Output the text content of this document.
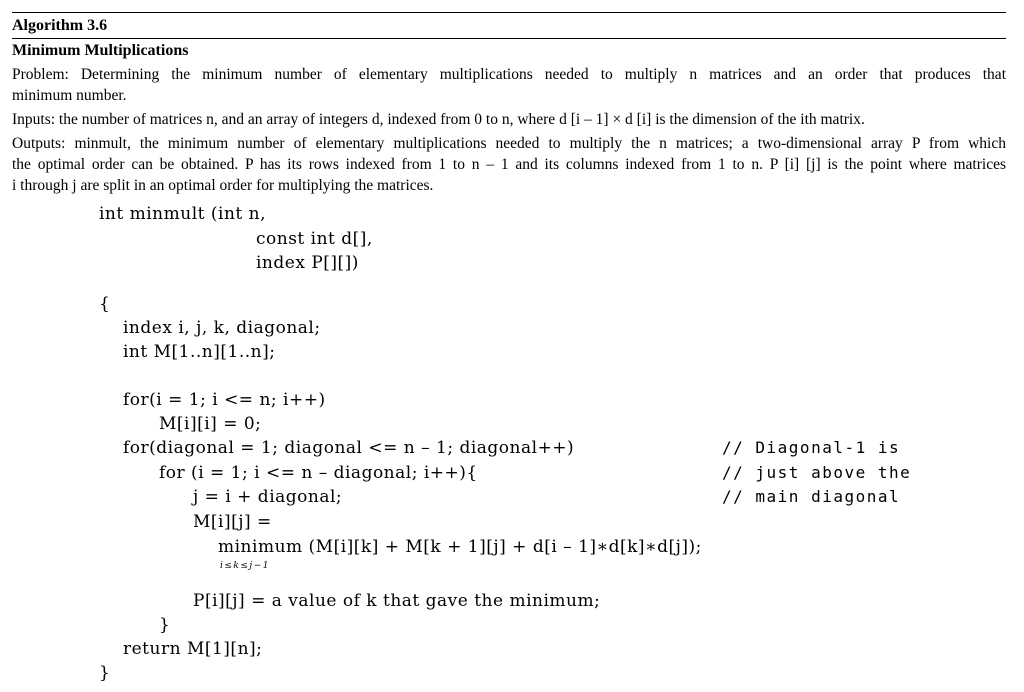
Algorithm 3.6
Minimum Multiplications
Problem: Determining the minimum number of elementary multiplications needed to multiply n matrices and an order that produces that
minimum number.
Inputs: the number of matrices n, and an array of integers d, indexed from 0 to n, where d [i – 1] × d [i] is the dimension of the ith matrix.
Outputs: minmult, the minimum number of elementary multiplications needed to multiply the n matrices; a two-dimensional array P from which
the optimal order can be obtained. P has its rows indexed from 1 to n – 1 and its columns indexed from 1 to n. P [i] [j] is the point where matrices
i through j are split in an optimal order for multiplying the matrices.
int minmult (int n,
const int d[],
index P[][])
{
index i, j, k, diagonal;
int M[1..n][1..n];
for(i = 1; i <= n; i++)
M[i][i] = 0;
for(diagonal = 1; diagonal <= n – 1; diagonal++)	// Diagonal-1 is
for (i = 1; i <= n – diagonal; i++){	// just above the
j = i + diagonal;	// main diagonal
M[i][j] =
minimum (M[i][k] + M[k + 1][j] + d[i – 1]∗d[k]∗d[j]);
i≤k≤j−1
P[i][j] = a value of k that gave the minimum;
}
return M[1][n];
}
